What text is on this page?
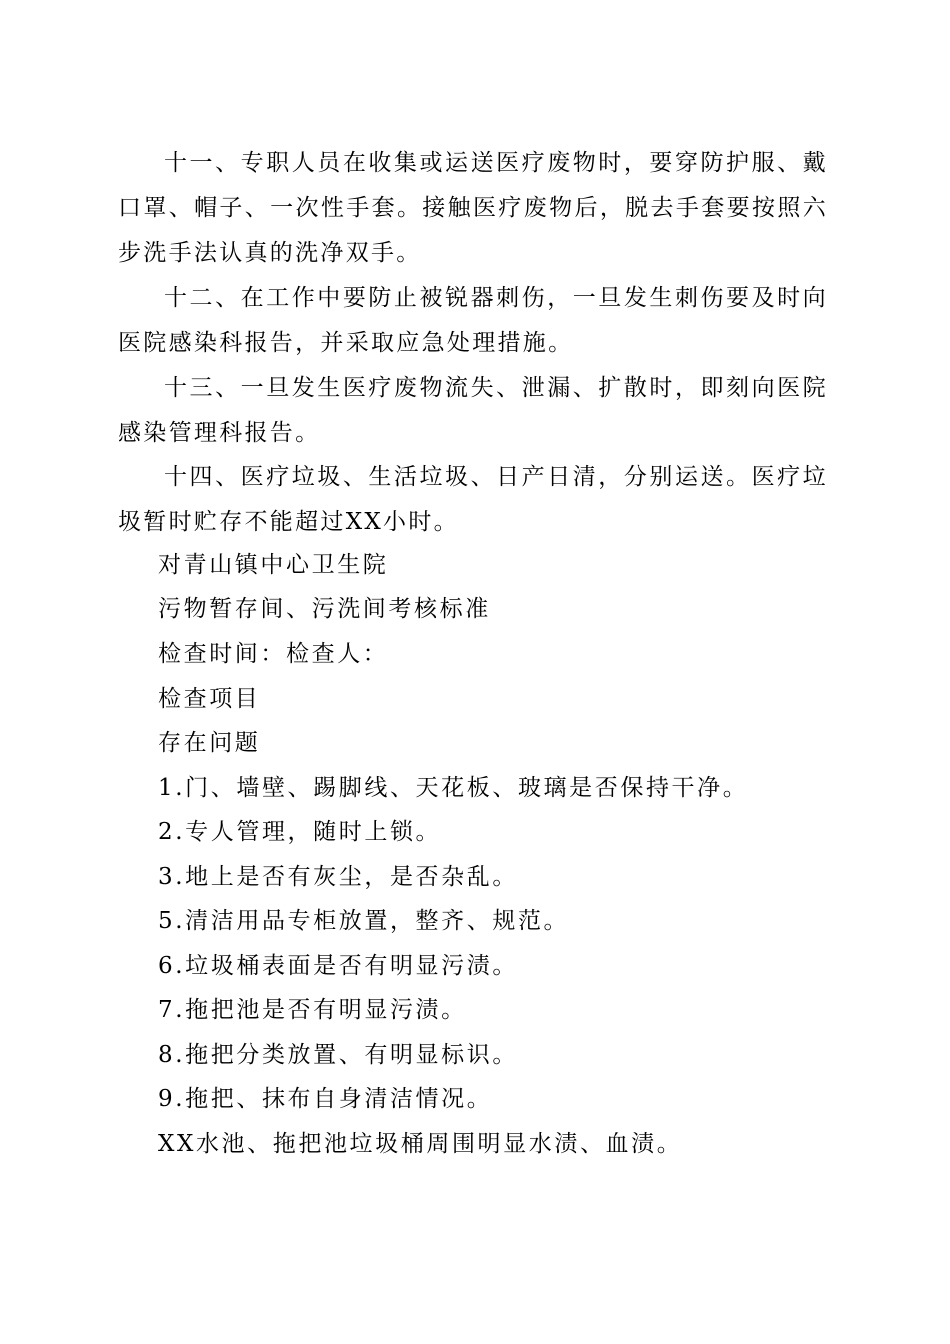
十一、专职人员在收集或运送医疗废物时，要穿防护服、戴口罩、帽子、一次性手套。接触医疗废物后，脱去手套要按照六步洗手法认真的洗净双手。

十二、在工作中要防止被锐器刺伤，一旦发生刺伤要及时向医院感染科报告，并采取应急处理措施。

十三、一旦发生医疗废物流失、泄漏、扩散时，即刻向医院感染管理科报告。

十四、医疗垃圾、生活垃圾、日产日清，分别运送。医疗垃圾暂时贮存不能超过XX小时。

对青山镇中心卫生院

污物暂存间、污洗间考核标准

检查时间：检查人：

检查项目

存在问题

1.门、墙壁、踢脚线、天花板、玻璃是否保持干净。

2.专人管理，随时上锁。

3.地上是否有灰尘，是否杂乱。

5.清洁用品专柜放置，整齐、规范。

6.垃圾桶表面是否有明显污渍。

7.拖把池是否有明显污渍。

8.拖把分类放置、有明显标识。

9.拖把、抹布自身清洁情况。

XX水池、拖把池垃圾桶周围明显水渍、血渍。
